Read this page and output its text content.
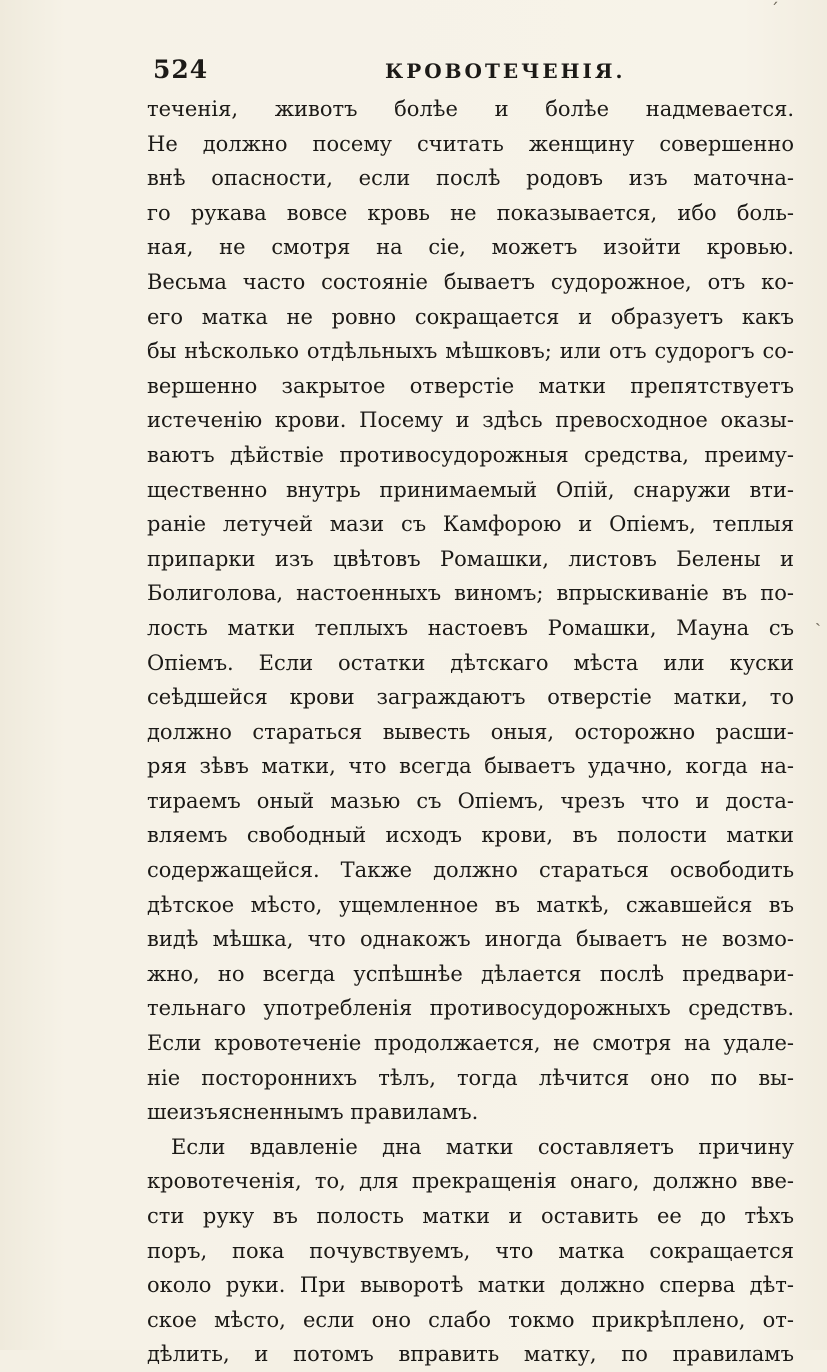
ˊ
ˏ
524	КРОВОТЕЧЕНІЯ.
теченія, животъ болѣе и болѣе надмевается.
Не должно посему считать женщину совершенно
внѣ опасности, если послѣ родовъ изъ маточна-
го рукава вовсе кровь не показывается, ибо боль-
ная, не смотря на сіе, можетъ изойти кровью.
Весьма часто состояніе бываетъ судорожное, отъ ко-
его матка не ровно сокращается и образуетъ какъ
бы нѣсколько отдѣльныхъ мѣшковъ; или отъ судорогъ со-
вершенно закрытое отверстіе матки препятствуетъ
истеченію крови. Посему и здѣсь превосходное оказы-
ваютъ дѣйствіе противосудорожныя средства, преиму-
щественно внутрь принимаемый Опій, снаружи вти-
раніе летучей мази съ Камфорою и Опіемъ, теплыя
припарки изъ цвѣтовъ Ромашки, листовъ Белены и
Болиголова, настоенныхъ виномъ; впрыскиваніе въ по-
лость матки теплыхъ настоевъ Ромашки, Мауна съ
Опіемъ. Если остатки дѣтскаго мѣста или куски
сеѣдшейся крови заграждаютъ отверстіе матки, то
должно стараться вывесть оныя, осторожно расши-
ряя зѣвъ матки, что всегда бываетъ удачно, когда на-
тираемъ оный мазью съ Опіемъ, чрезъ что и доста-
вляемъ свободный исходъ крови, въ полости матки
содержащейся. Также должно стараться освободить
дѣтское мѣсто, ущемленное въ маткѣ, сжавшейся въ
видѣ мѣшка, что однакожъ иногда бываетъ не возмо-
жно, но всегда успѣшнѣе дѣлается послѣ предвари-
тельнаго употребленія противосудорожныхъ средствъ.
Если кровотеченіе продолжается, не смотря на удале-
ніе постороннихъ тѣлъ, тогда лѣчится оно по вы-
шеизъясненнымъ правиламъ.
Если вдавленіе дна матки составляетъ причину
кровотеченія, то, для прекращенія онаго, должно вве-
сти руку въ полость матки и оставить ее до тѣхъ
поръ, пока почувствуемъ, что матка сокращается
около руки. При выворотѣ матки должно сперва дѣт-
ское мѣсто, если оно слабо токмо прикрѣплено, от-
дѣлить, и потомъ вправить матку, по правиламъ
